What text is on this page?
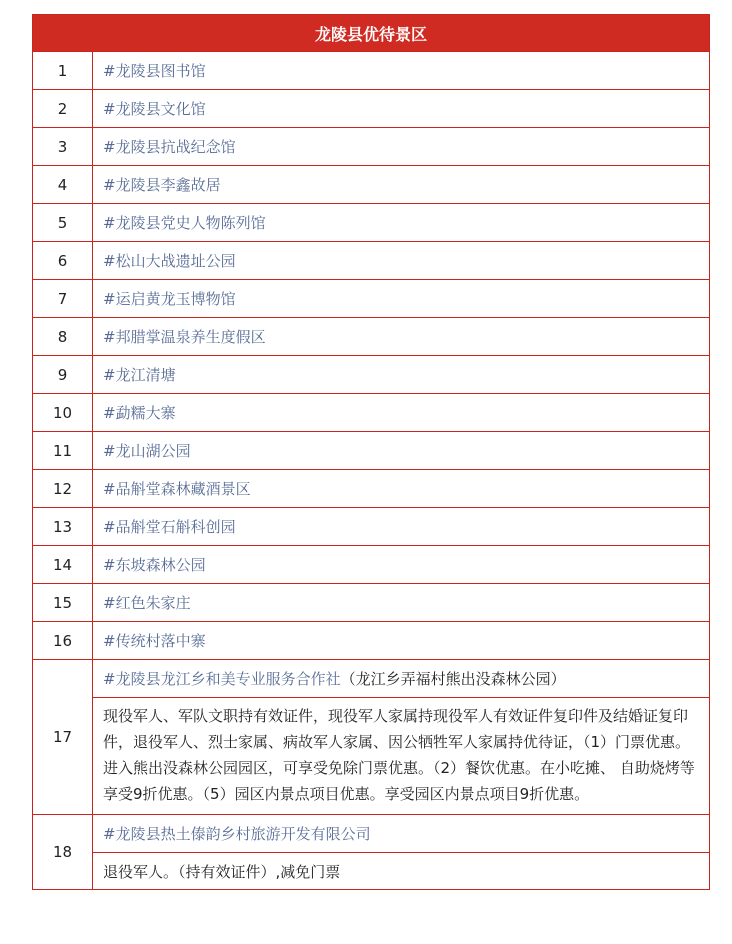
龙陵县优待景区	
1	#龙陵县图书馆
2	#龙陵县文化馆
3	#龙陵县抗战纪念馆
4	#龙陵县李鑫故居
5	#龙陵县党史人物陈列馆
6	#松山大战遗址公园
7	#运启黄龙玉博物馆
8	#邦腊掌温泉养生度假区
9	#龙江清塘
10	#勐糯大寨
11	#龙山湖公园
12	#品斛堂森林藏酒景区
13	#品斛堂石斛科创园
14	#东坡森林公园
15	#红色朱家庄
16	#传统村落中寨
17	#龙陵县龙江乡和美专业服务合作社（龙江乡弄福村熊出没森林公园）
	现役军人、军队文职持有效证件，现役军人家属持现役军人有效证件复印件及结婚证复印件，退役军人、烈士家属、病故军人家属、因公牺牲军人家属持优待证，（1）门票优惠。进入熊出没森林公园园区，可享受免除门票优惠。（2）餐饮优惠。在小吃摊、 自助烧烤等享受9折优惠。（5）园区内景点项目优惠。享受园区内景点项目9折优惠。
18	#龙陵县热土傣韵乡村旅游开发有限公司
	退役军人。（持有效证件）,减免门票
